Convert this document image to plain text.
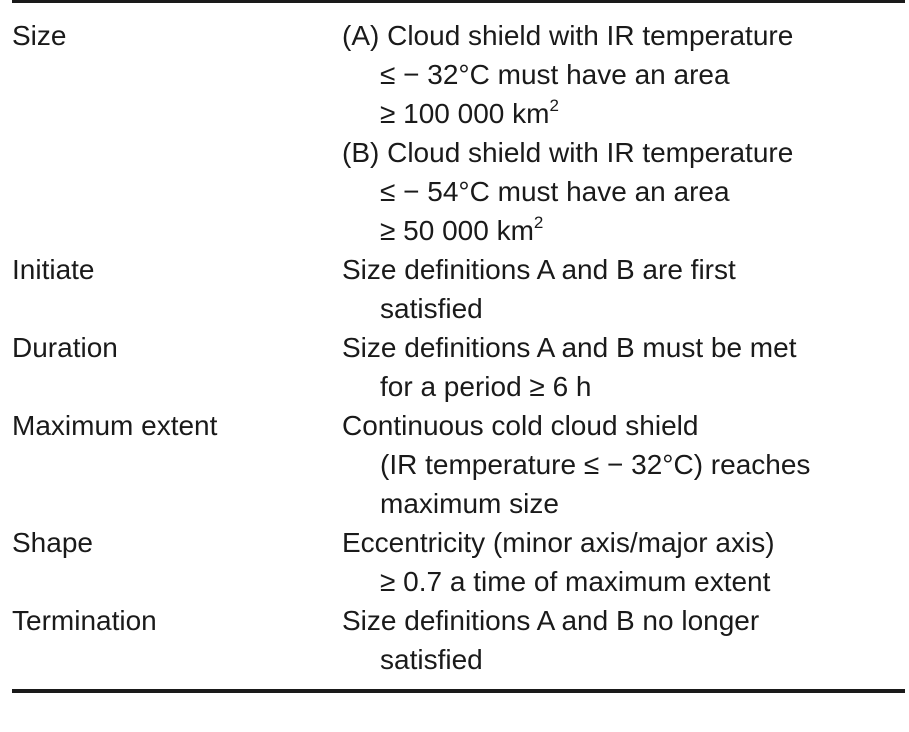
Size	(A) Cloud shield with IR temperature
≤ − 32°C must have an area
≥ 100 000 $km^2$
(B) Cloud shield with IR temperature
≤ − 54°C must have an area
≥ 50 000 $km^2$
Initiate	Size definitions A and B are first
satisfied
Duration	Size definitions A and B must be met
for a period ≥ 6 h
Maximum extent	Continuous cold cloud shield
(IR temperature ≤ − 32°C) reaches
maximum size
Shape	Eccentricity (minor axis/major axis)
≥ 0.7 a time of maximum extent
Termination	Size definitions A and B no longer
satisfied
